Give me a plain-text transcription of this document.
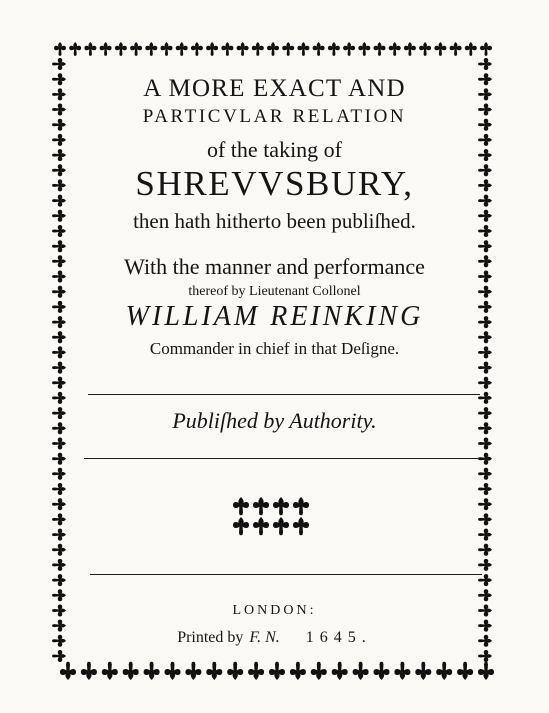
A MORE EXACT AND
PARTICVLAR RELATION
of the taking of
SHREVVSBURY,
then hath hitherto been publiſhed.
With the manner and performance
thereof by Lieutenant Collonel
WILLIAM REINKING
Commander in chief in that Deſigne.
Publiſhed by Authority.
LONDON:
Printed by F. N. 1645.
